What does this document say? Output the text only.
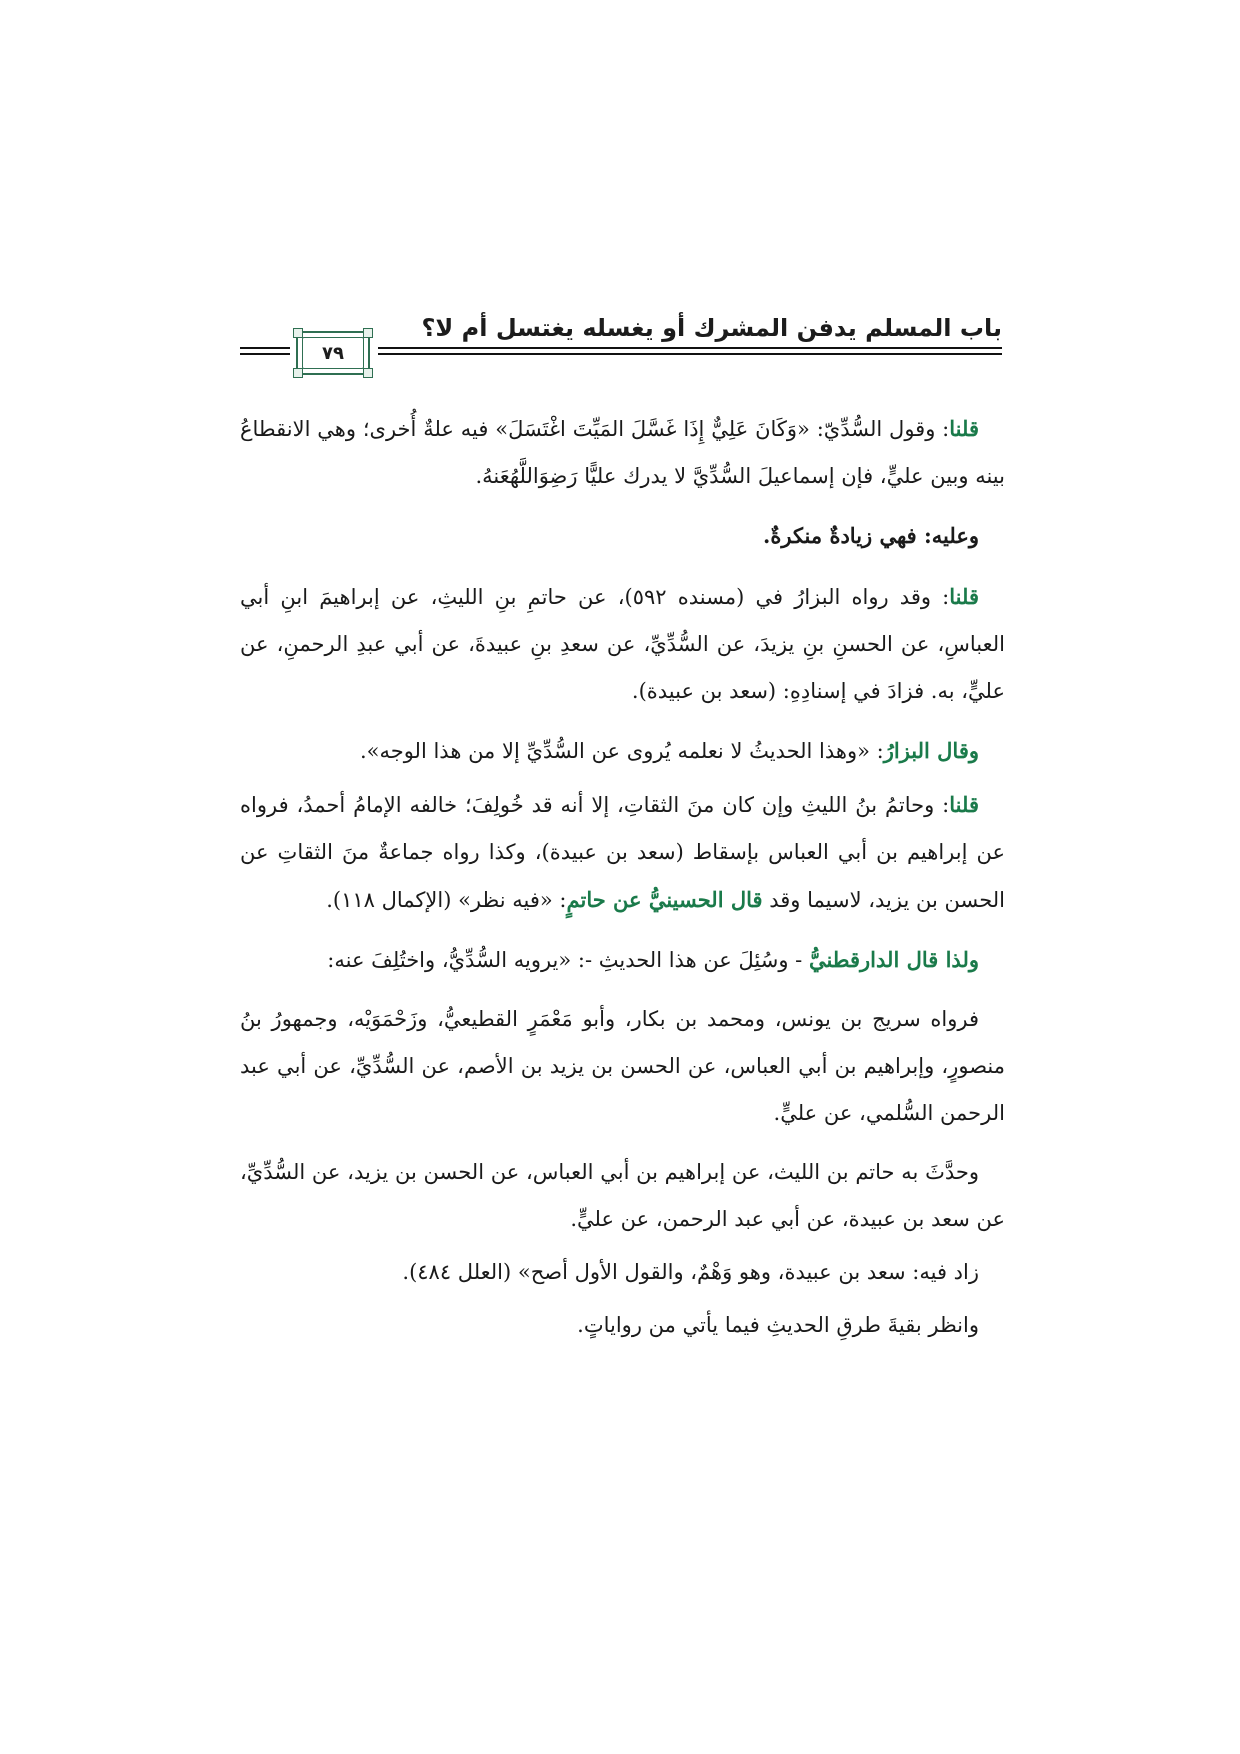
باب المسلم يدفن المشرك أو يغسله يغتسل أم لا؟
٧٩

قلنا: وقول السُّدِّيّ: «وَكَانَ عَلِيٌّ إِذَا غَسَّلَ المَيِّتَ اغْتَسَلَ» فيه علةٌ أُخرى؛ وهي الانقطاعُ بينه وبين عليٍّ، فإن إسماعيلَ السُّدِّيَّ لا يدرك عليًّا رَضِوَاللَّهُعَنهُ.

وعليه: فهي زيادةٌ منكرةٌ.

قلنا: وقد رواه البزارُ في (مسنده ٥٩٢)، عن حاتمِ بنِ الليثِ، عن إبراهيمَ ابنِ أبي العباسِ، عن الحسنِ بنِ يزيدَ، عن السُّدِّيِّ، عن سعدِ بنِ عبيدةَ، عن أبي عبدِ الرحمنِ، عن عليٍّ، به. فزادَ في إسنادِهِ: (سعد بن عبيدة).

وقال البزارُ: «وهذا الحديثُ لا نعلمه يُروى عن السُّدِّيِّ إلا من هذا الوجه».

قلنا: وحاتمُ بنُ الليثِ وإن كان منَ الثقاتِ، إلا أنه قد خُولِفَ؛ خالفه الإمامُ أحمدُ، فرواه عن إبراهيم بن أبي العباس بإسقاط (سعد بن عبيدة)، وكذا رواه جماعةٌ منَ الثقاتِ عن الحسن بن يزيد، لاسيما وقد قال الحسينيُّ عن حاتمٍ: «فيه نظر» (الإكمال ١١٨).

ولذا قال الدارقطنيُّ - وسُئِلَ عن هذا الحديثِ -: «يرويه السُّدِّيُّ، واختُلِفَ عنه:

فرواه سريج بن يونس، ومحمد بن بكار، وأبو مَعْمَرٍ القطيعيُّ، وزَحْمَوَيْه، وجمهورُ بنُ منصورٍ، وإبراهيم بن أبي العباس، عن الحسن بن يزيد بن الأصم، عن السُّدِّيِّ، عن أبي عبد الرحمن السُّلمي، عن عليٍّ.

وحدَّثَ به حاتم بن الليث، عن إبراهيم بن أبي العباس، عن الحسن بن يزيد، عن السُّدِّيِّ، عن سعد بن عبيدة، عن أبي عبد الرحمن، عن عليٍّ.

زاد فيه: سعد بن عبيدة، وهو وَهْمٌ، والقول الأول أصح» (العلل ٤٨٤).

وانظر بقيةَ طرقِ الحديثِ فيما يأتي من رواياتٍ.
